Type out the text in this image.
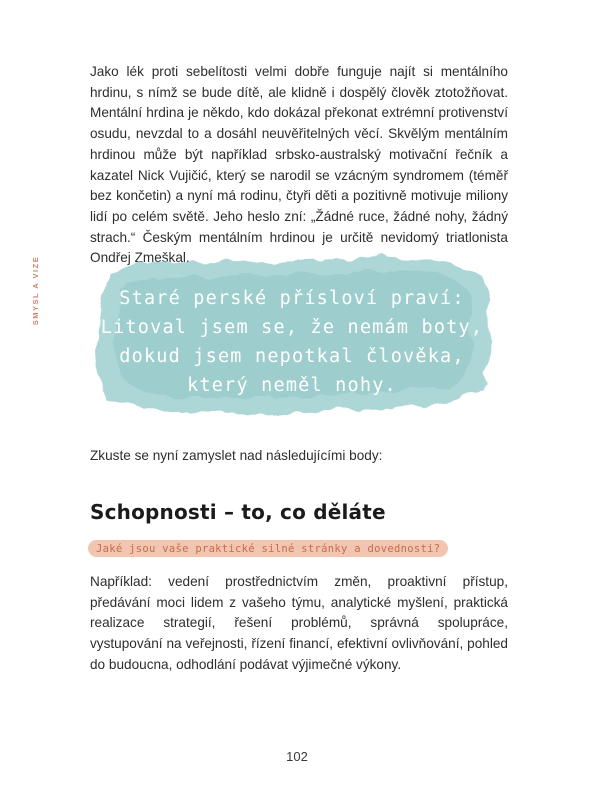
SMYSL A VIZE
Jako lék proti sebelítosti velmi dobře funguje najít si mentálního hrdinu, s nímž se bude dítě, ale klidně i dospělý člověk ztotožňovat. Mentální hrdina je někdo, kdo dokázal překonat extrémní protivenství osudu, nevzdal to a dosáhl neuvěřitelných věcí. Skvělým mentálním hrdinou může být například srbsko-australský motivační řečník a kazatel Nick Vujičić, který se narodil se vzácným syndromem (téměř bez končetin) a nyní má rodinu, čtyři děti a pozitivně motivuje miliony lidí po celém světě. Jeho heslo zní: „Žádné ruce, žádné nohy, žádný strach.“ Českým mentálním hrdinou je určitě nevidomý triatlonista Ondřej Zmeškal.
Staré perské přísloví praví:
Litoval jsem se, že nemám boty,
dokud jsem nepotkal člověka,
který neměl nohy.
Zkuste se nyní zamyslet nad následujícími body:
Schopnosti – to, co děláte
Jaké jsou vaše praktické silné stránky a dovednosti?
Například: vedení prostřednictvím změn, proaktivní přístup, předávání moci lidem z vašeho týmu, analytické myšlení, praktická realizace strategií, řešení problémů, správná spolupráce, vystupování na veřejnosti, řízení financí, efektivní ovlivňování, pohled do budoucna, odhodlání podávat výjimečné výkony.
102
